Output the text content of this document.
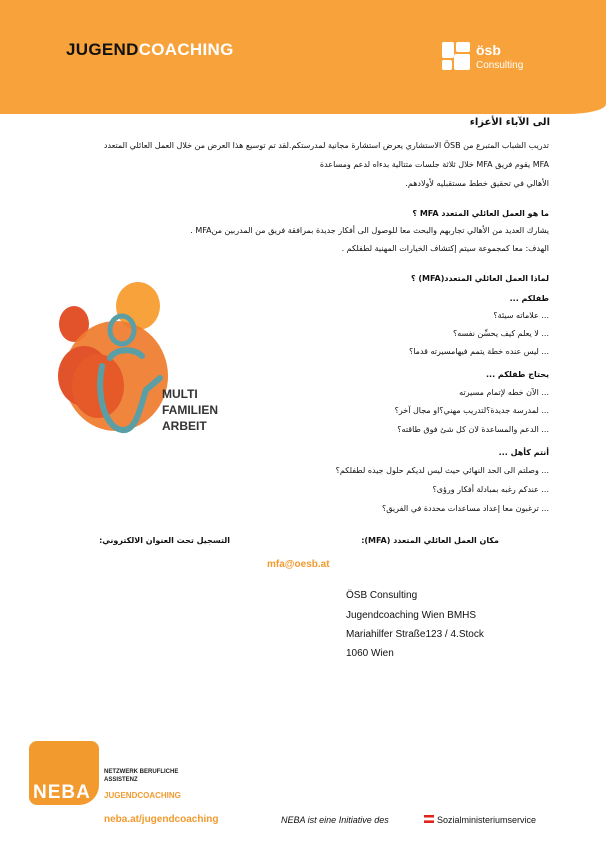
JUGENDCOACHING	ösb
Consulting
الى الآباء الأعزاء
تدريب الشباب المتبرع من ÖSB الاستشاري يعرض استشارة مجانية لمدرستكم.لقد تم توسيع هذا العرض من خلال العمل العائلي المتعدد
MFA يقوم فريق MFA خلال ثلاثة جلسات متتالية بدءاه لدعم ومساعدة
الأهالي في تحقيق خطط مستقبليه لأولادهم.
ما هو العمل العائلي المتعدد MFA ؟
يشارك العديد من الأهالي تجاربهم والبحث معا للوصول الى أفكار جديدة بمرافقة فريق من المدربين منMFA .
الهدف: معا كمجموعة سيتم إكتشاف الخيارات المهنية لطفلكم .
لماذا العمل العائلي المتعدد(MFA) ؟
طفلكم ...
... علاماته سيئة؟
... لا يعلم كيف يحسِّن نفسه؟
... ليس عنده خطة يتمم فيهامسيرته قدما؟
يحتاج طفلكم ...
... الآن خطه لإتمام مسيرته
... لمدرسة جديدة؟لتدريب مهني؟او مجال آخر؟
... الدعم والمساعدة لان كل شئ فوق طاقته؟
أنتم كأهل ...
... وصلتم الى الحد النهائي حيث ليس لديكم حلول جيده لطفلكم؟
... عندكم رغبه بمبادلة أفكار ورؤى؟
... ترغبون معا إعداد مساعدات محددة في الفريق؟
MULTI
FAMILIEN
ARBEIT
مكان العمل العائلي المتعدد (MFA):
التسجيل تحت العنوان الالكتروني:
mfa@oesb.at
ÖSB Consulting
Jugendcoaching Wien BMHS
Mariahilfer Straße123 / 4.Stock
1060 Wien
NEBA
NETZWERK BERUFLICHE ASSISTENZ
JUGENDCOACHING
neba.at/jugendcoaching	NEBA ist eine Initiative des	Sozialministeriumservice
